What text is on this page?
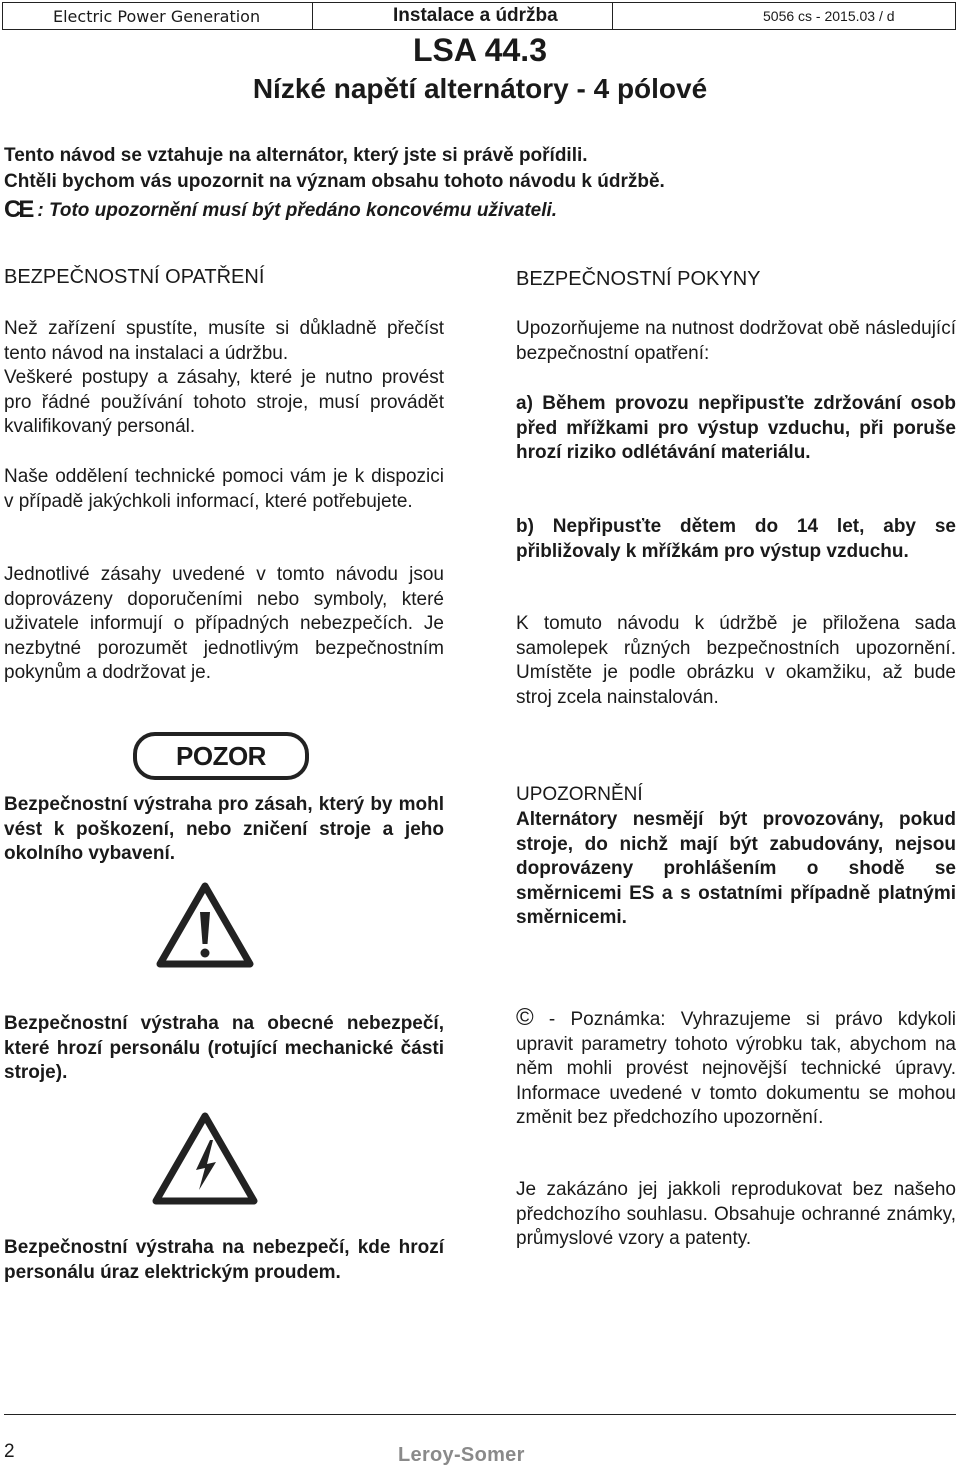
Electric Power Generation	Instalace a údržba	5056 cs - 2015.03 / d
LSA 44.3
Nízké napětí alternátory - 4 pólové
Tento návod se vztahuje na alternátor, který jste si právě pořídili.
Chtěli bychom vás upozornit na význam obsahu tohoto návodu k údržbě.
CE : Toto upozornění musí být předáno koncovému uživateli.
BEZPEČNOSTNÍ OPATŘENÍ
Než zařízení spustíte, musíte si důkladně přečíst tento návod na instalaci a údržbu.
Veškeré postupy a zásahy, které je nutno provést pro řádné používání tohoto stroje, musí provádět kvalifikovaný personál.
Naše oddělení technické pomoci vám je k dispozici v případě jakýchkoli informací, které potřebujete.
Jednotlivé zásahy uvedené v tomto návodu jsou doprovázeny doporučeními nebo symboly, které uživatele informují o případných nebezpečích. Je nezbytné porozumět jednotlivým bezpečnostním pokynům a dodržovat je.
POZOR
Bezpečnostní výstraha pro zásah, který by mohl vést k poškození, nebo zničení stroje a jeho okolního vybavení.
Bezpečnostní výstraha na obecné nebezpečí, které hrozí personálu (rotující mechanické části stroje).
Bezpečnostní výstraha na nebezpečí, kde hrozí personálu úraz elektrickým proudem.
BEZPEČNOSTNÍ POKYNY
Upozorňujeme na nutnost dodržovat obě následující bezpečnostní opatření:
a) Během provozu nepřipusťte zdržování osob před mřížkami pro výstup vzduchu, při poruše hrozí riziko odlétávání materiálu.
b) Nepřipusťte dětem do 14 let, aby se přibližovaly k mřížkám pro výstup vzduchu.
K tomuto návodu k údržbě je přiložena sada samolepek různých bezpečnostních upozornění. Umístěte je podle obrázku v okamžiku, až bude stroj zcela nainstalován.
UPOZORNĚNÍ
Alternátory nesmějí být provozovány, pokud stroje, do nichž mají být zabudovány, nejsou doprovázeny prohlášením o shodě se směrnicemi ES a s ostatními případně platnými směrnicemi.
© - Poznámka: Vyhrazujeme si právo kdykoli upravit parametry tohoto výrobku tak, abychom na něm mohli provést nejnovější technické úpravy. Informace uvedené v tomto dokumentu se mohou změnit bez předchozího upozornění.
Je zakázáno jej jakkoli reprodukovat bez našeho předchozího souhlasu. Obsahuje ochranné známky, průmyslové vzory a patenty.
2	Leroy-Somer
